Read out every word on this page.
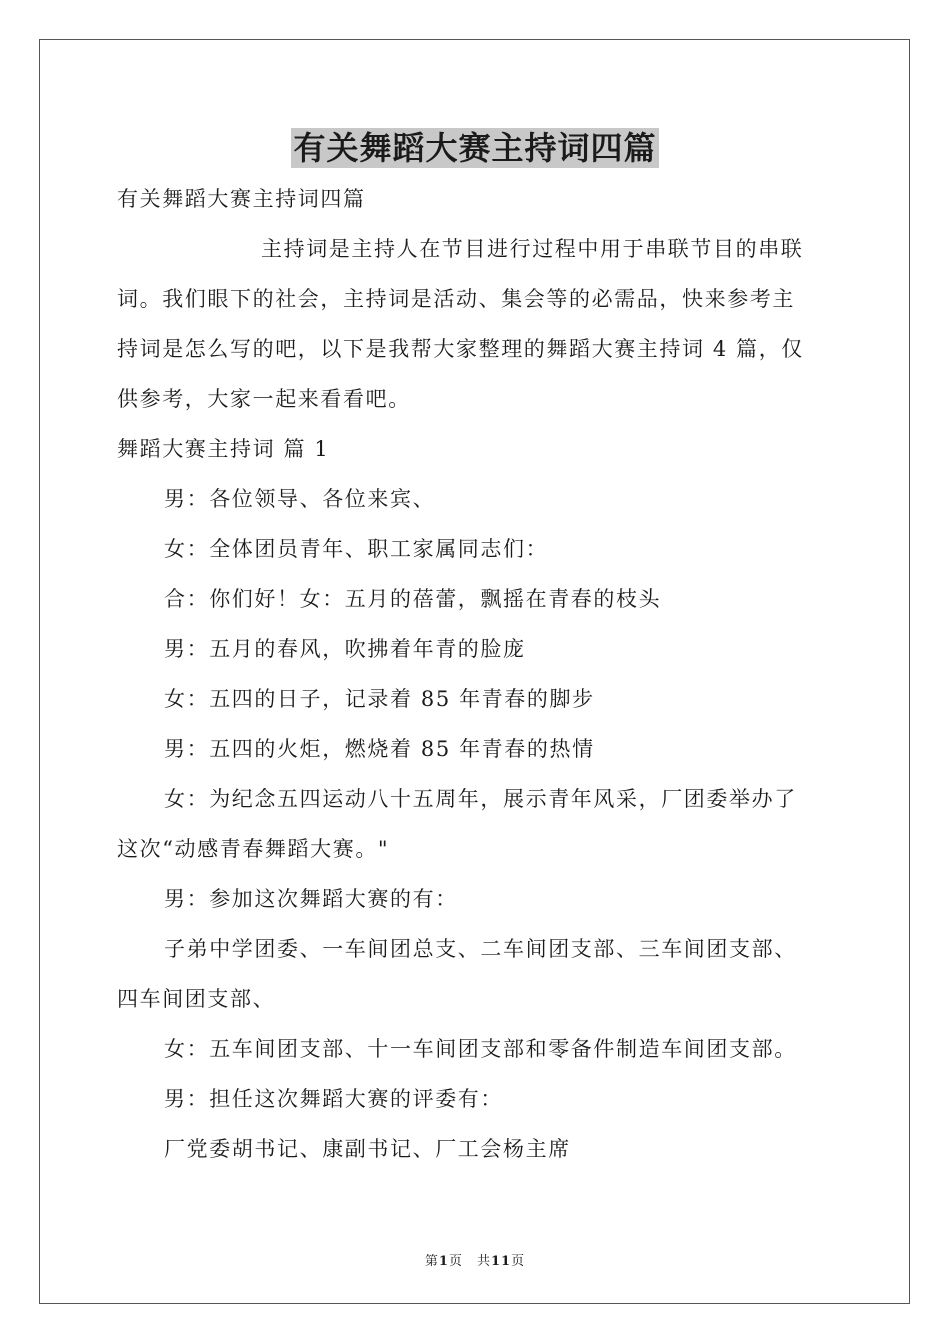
有关舞蹈大赛主持词四篇
有关舞蹈大赛主持词四篇
主持词是主持人在节目进行过程中用于串联节目的串联
词。我们眼下的社会，主持词是活动、集会等的必需品，快来参考主
持词是怎么写的吧，以下是我帮大家整理的舞蹈大赛主持词 4 篇，仅
供参考，大家一起来看看吧。
舞蹈大赛主持词 篇 1
男：各位领导、各位来宾、
女：全体团员青年、职工家属同志们：
合：你们好！女：五月的蓓蕾，飘摇在青春的枝头
男：五月的春风，吹拂着年青的脸庞
女：五四的日子，记录着 85 年青春的脚步
男：五四的火炬，燃烧着 85 年青春的热情
女：为纪念五四运动八十五周年，展示青年风采，厂团委举办了
这次“动感青春舞蹈大赛。"
男：参加这次舞蹈大赛的有：
子弟中学团委、一车间团总支、二车间团支部、三车间团支部、
四车间团支部、
女：五车间团支部、十一车间团支部和零备件制造车间团支部。
男：担任这次舞蹈大赛的评委有：
厂党委胡书记、康副书记、厂工会杨主席
第1页　共11页
